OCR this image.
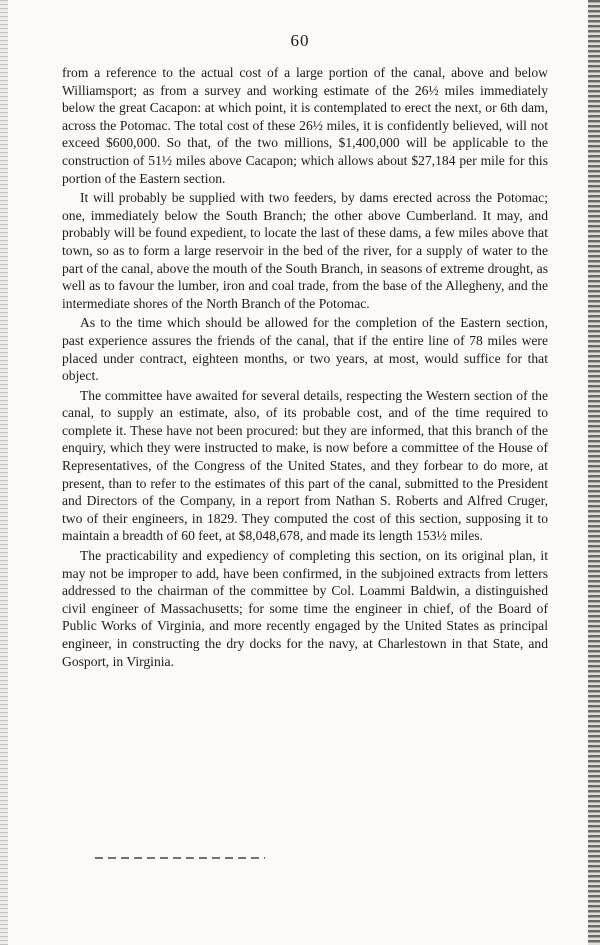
60

from a reference to the actual cost of a large portion of the canal, above and below Williamsport; as from a survey and working estimate of the 26½ miles immediately below the great Cacapon: at which point, it is contemplated to erect the next, or 6th dam, across the Potomac. The total cost of these 26½ miles, it is confidently believed, will not exceed $600,000. So that, of the two millions, $1,400,000 will be applicable to the construction of 51½ miles above Cacapon; which allows about $27,184 per mile for this portion of the Eastern section.

It will probably be supplied with two feeders, by dams erected across the Potomac; one, immediately below the South Branch; the other above Cumberland. It may, and probably will be found expedient, to locate the last of these dams, a few miles above that town, so as to form a large reservoir in the bed of the river, for a supply of water to the part of the canal, above the mouth of the South Branch, in seasons of extreme drought, as well as to favour the lumber, iron and coal trade, from the base of the Allegheny, and the intermediate shores of the North Branch of the Potomac.

As to the time which should be allowed for the completion of the Eastern section, past experience assures the friends of the canal, that if the entire line of 78 miles were placed under contract, eighteen months, or two years, at most, would suffice for that object.

The committee have awaited for several details, respecting the Western section of the canal, to supply an estimate, also, of its probable cost, and of the time required to complete it. These have not been procured: but they are informed, that this branch of the enquiry, which they were instructed to make, is now before a committee of the House of Representatives, of the Congress of the United States, and they forbear to do more, at present, than to refer to the estimates of this part of the canal, submitted to the President and Directors of the Company, in a report from Nathan S. Roberts and Alfred Cruger, two of their engineers, in 1829. They computed the cost of this section, supposing it to maintain a breadth of 60 feet, at $8,048,678, and made its length 153½ miles.

The practicability and expediency of completing this section, on its original plan, it may not be improper to add, have been confirmed, in the subjoined extracts from letters addressed to the chairman of the committee by Col. Loammi Baldwin, a distinguished civil engineer of Massachusetts; for some time the engineer in chief, of the Board of Public Works of Virginia, and more recently engaged by the United States as principal engineer, in constructing the dry docks for the navy, at Charlestown in that State, and Gosport, in Virginia.
